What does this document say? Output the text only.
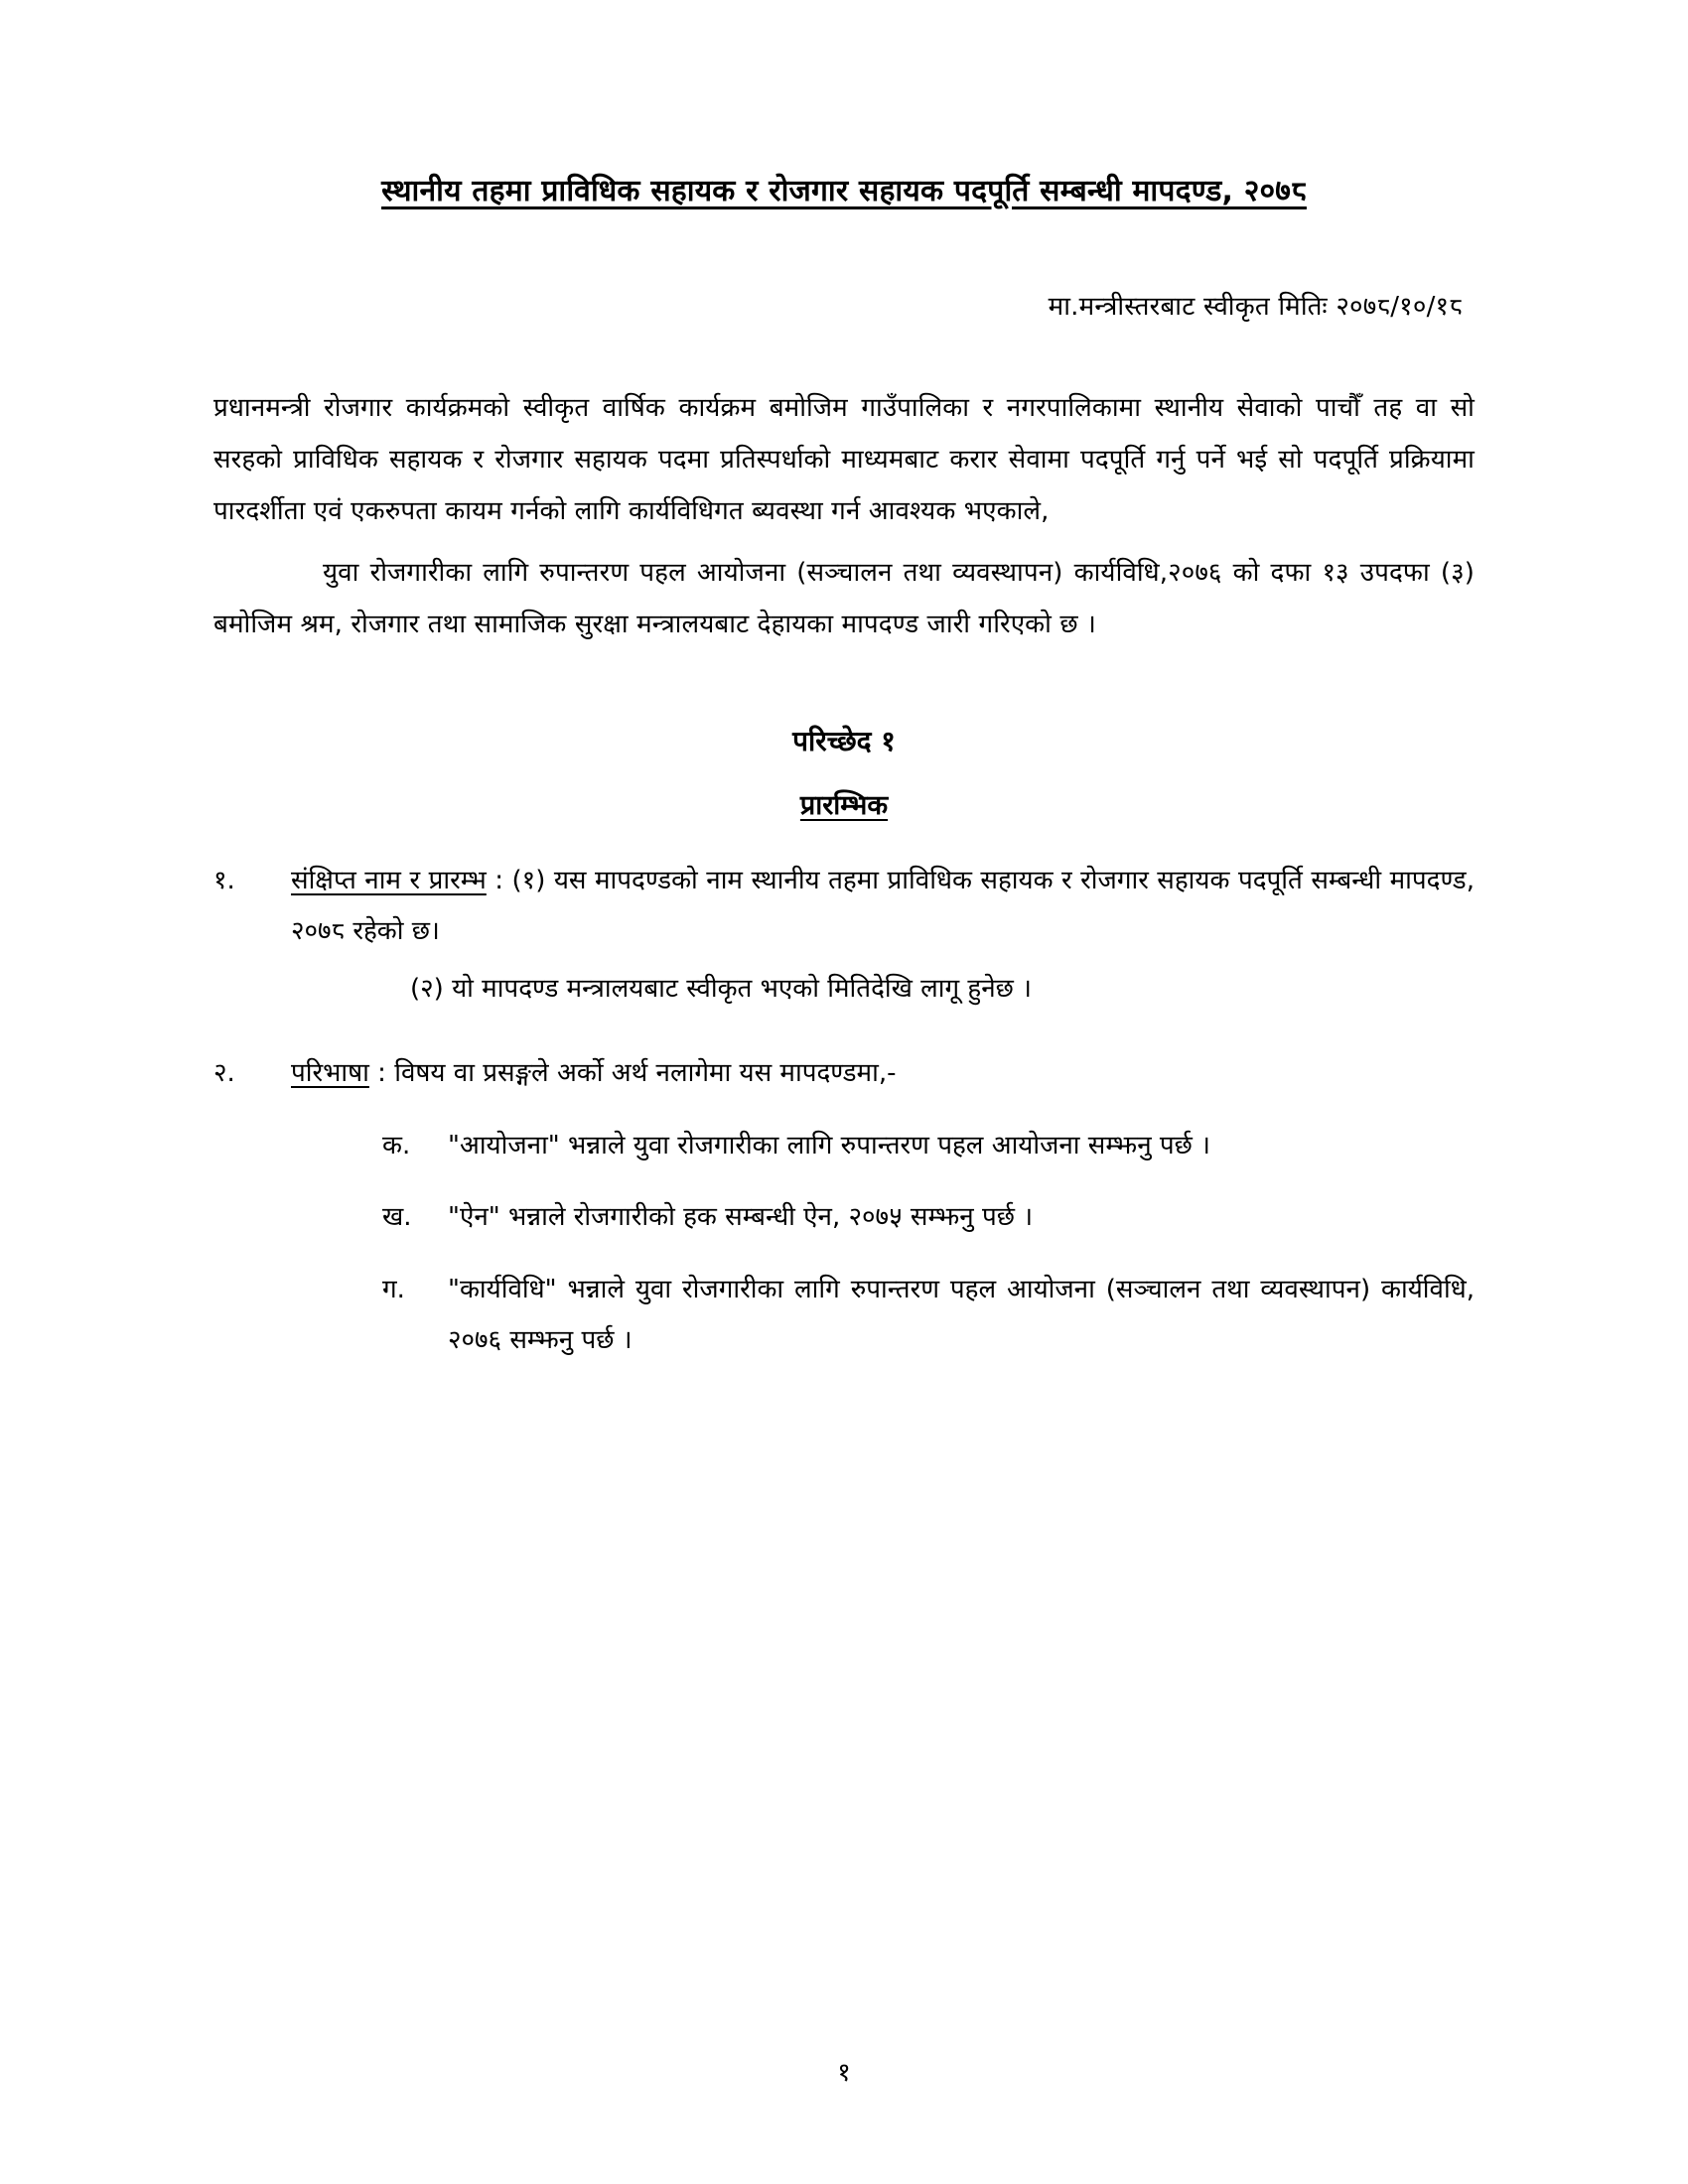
स्थानीय तहमा प्राविधिक सहायक र रोजगार सहायक पदपूर्ति सम्बन्धी मापदण्ड, २०७८
मा.मन्त्रीस्तरबाट स्वीकृत मितिः २०७८/१०/१८

प्रधानमन्त्री रोजगार कार्यक्रमको स्वीकृत वार्षिक कार्यक्रम बमोजिम गाउँपालिका र नगरपालिकामा स्थानीय सेवाको पाचौँ तह वा सो सरहको प्राविधिक सहायक र रोजगार सहायक पदमा प्रतिस्पर्धाको माध्यमबाट करार सेवामा पदपूर्ति गर्नु पर्ने भई सो पदपूर्ति प्रक्रियामा पारदर्शीता एवं एकरुपता कायम गर्नको लागि कार्यविधिगत ब्यवस्था गर्न आवश्यक भएकाले,

युवा रोजगारीका लागि रुपान्तरण पहल आयोजना (सञ्चालन तथा व्यवस्थापन) कार्यविधि,२०७६ को दफा १३ उपदफा (३) बमोजिम श्रम, रोजगार तथा सामाजिक सुरक्षा मन्त्रालयबाट देहायका मापदण्ड जारी गरिएको छ ।

परिच्छेद १
प्रारम्भिक
१.	संक्षिप्त नाम र प्रारम्भ : (१) यस मापदण्डको नाम स्थानीय तहमा प्राविधिक सहायक र रोजगार सहायक पदपूर्ति सम्बन्धी मापदण्ड, २०७८ रहेको छ।
(२) यो मापदण्ड मन्त्रालयबाट स्वीकृत भएको मितिदेखि लागू हुनेछ ।
२.	परिभाषा : विषय वा प्रसङ्गले अर्को अर्थ नलागेमा यस मापदण्डमा,-
क.	"आयोजना" भन्नाले युवा रोजगारीका लागि रुपान्तरण पहल आयोजना सम्झनु पर्छ ।
ख.	"ऐन" भन्नाले रोजगारीको हक सम्बन्धी ऐन, २०७५ सम्झनु पर्छ ।
ग.	"कार्यविधि" भन्नाले युवा रोजगारीका लागि रुपान्तरण पहल आयोजना (सञ्चालन तथा व्यवस्थापन) कार्यविधि, २०७६ सम्झनु पर्छ ।
१
